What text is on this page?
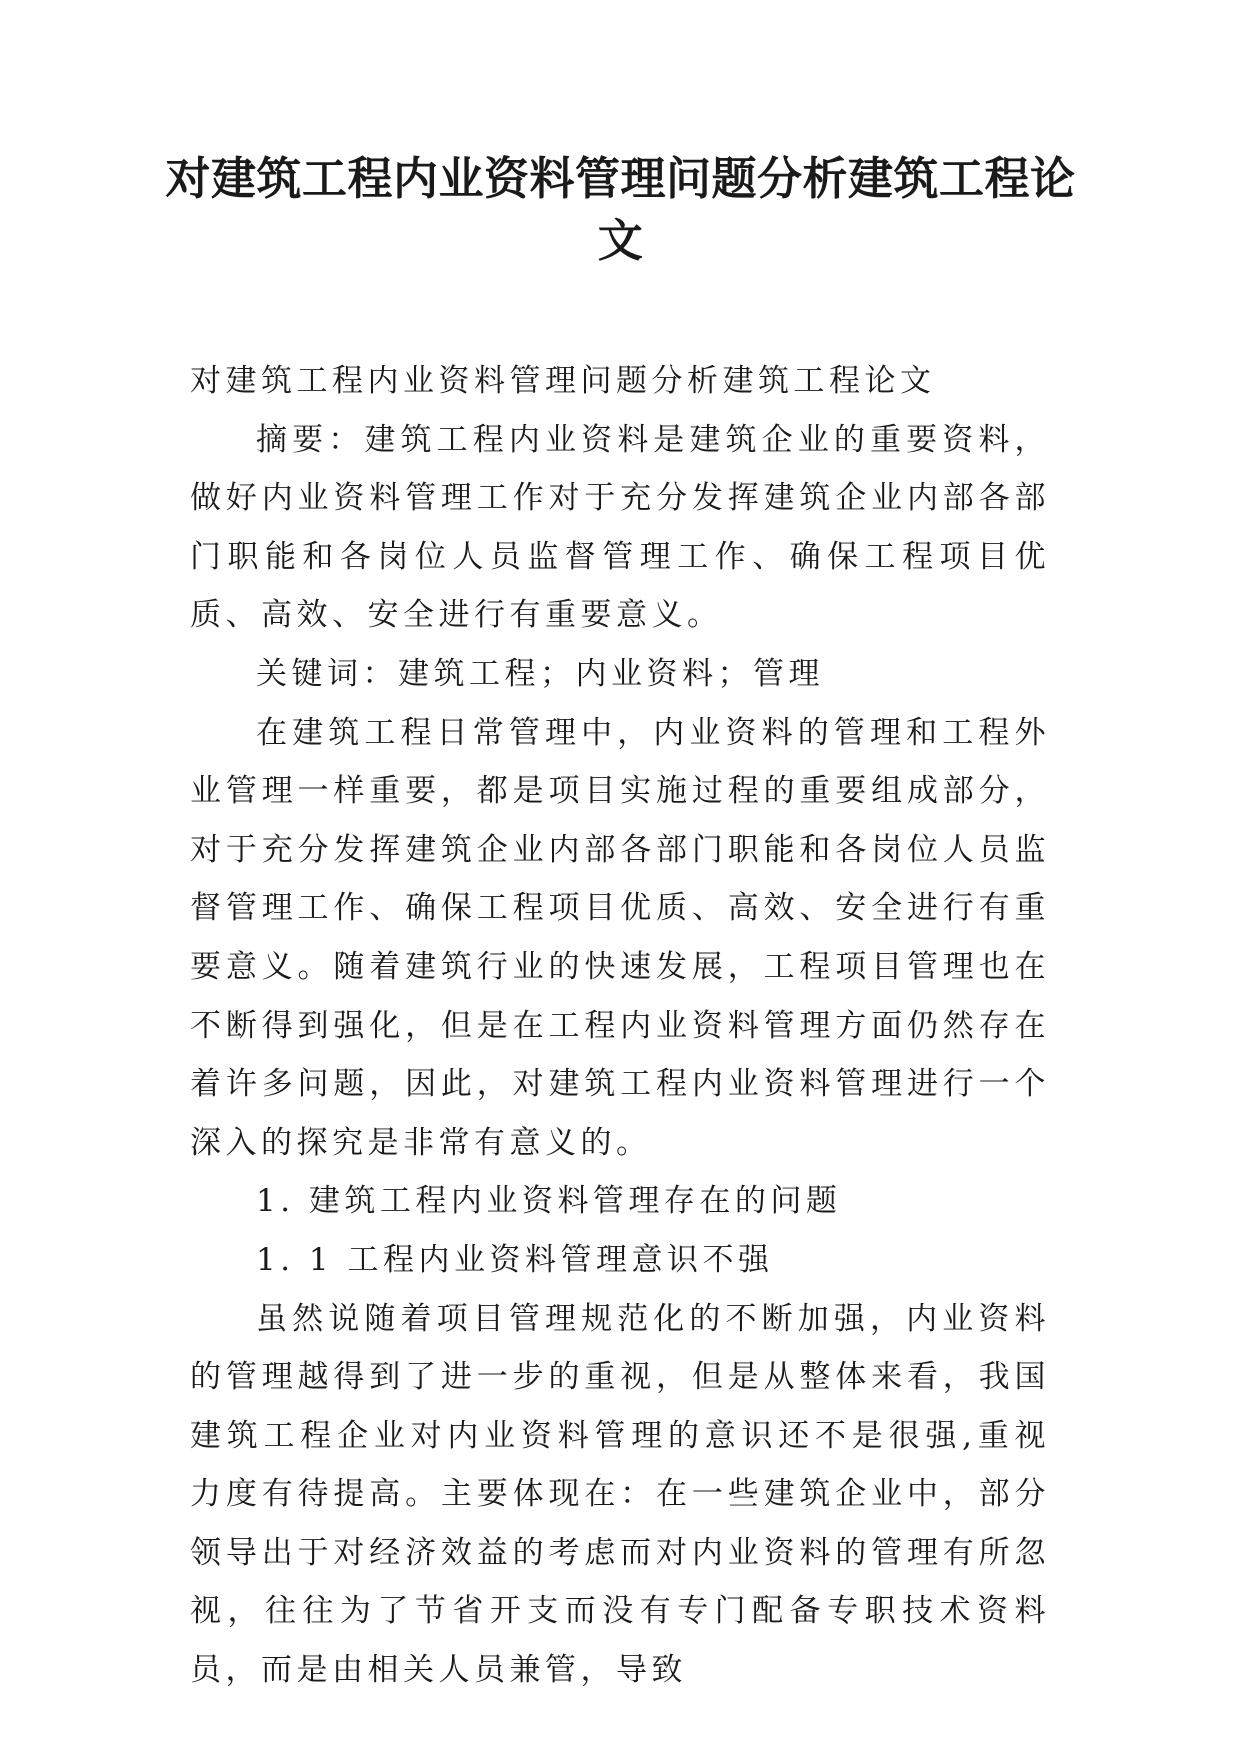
对建筑工程内业资料管理问题分析建筑工程论文

对建筑工程内业资料管理问题分析建筑工程论文

摘要：建筑工程内业资料是建筑企业的重要资料，做好内业资料管理工作对于充分发挥建筑企业内部各部门职能和各岗位人员监督管理工作、确保工程项目优质、高效、安全进行有重要意义。

关键词：建筑工程；内业资料；管理

在建筑工程日常管理中，内业资料的管理和工程外业管理一样重要，都是项目实施过程的重要组成部分，对于充分发挥建筑企业内部各部门职能和各岗位人员监督管理工作、确保工程项目优质、高效、安全进行有重要意义。随着建筑行业的快速发展，工程项目管理也在不断得到强化，但是在工程内业资料管理方面仍然存在着许多问题，因此，对建筑工程内业资料管理进行一个深入的探究是非常有意义的。

1. 建筑工程内业资料管理存在的问题

1. 1 工程内业资料管理意识不强

虽然说随着项目管理规范化的不断加强，内业资料的管理越得到了进一步的重视，但是从整体来看，我国建筑工程企业对内业资料管理的意识还不是很强,重视力度有待提高。主要体现在：在一些建筑企业中，部分领导出于对经济效益的考虑而对内业资料的管理有所忽视，往往为了节省开支而没有专门配备专职技术资料员，而是由相关人员兼管，导致
